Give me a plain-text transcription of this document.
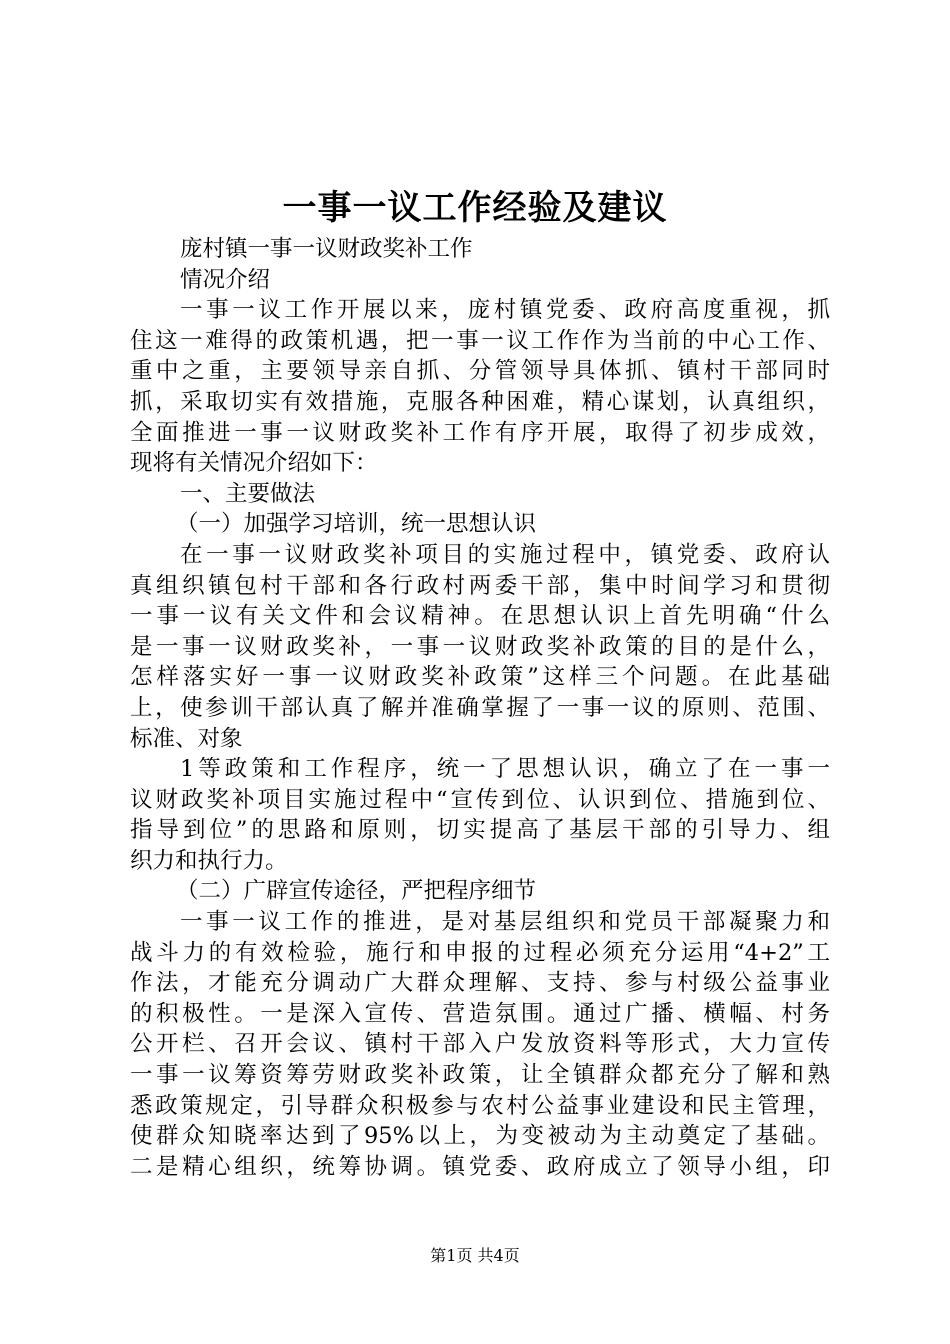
一事一议工作经验及建议
庞村镇一事一议财政奖补工作
情况介绍
一事一议工作开展以来，庞村镇党委、政府高度重视，抓
住这一难得的政策机遇，把一事一议工作作为当前的中心工作、
重中之重，主要领导亲自抓、分管领导具体抓、镇村干部同时
抓，采取切实有效措施，克服各种困难，精心谋划，认真组织，
全面推进一事一议财政奖补工作有序开展，取得了初步成效，
现将有关情况介绍如下：
一、主要做法
（一）加强学习培训，统一思想认识
在一事一议财政奖补项目的实施过程中，镇党委、政府认
真组织镇包村干部和各行政村两委干部，集中时间学习和贯彻
一事一议有关文件和会议精神。在思想认识上首先明确“什么
是一事一议财政奖补，一事一议财政奖补政策的目的是什么，
怎样落实好一事一议财政奖补政策”这样三个问题。在此基础
上，使参训干部认真了解并准确掌握了一事一议的原则、范围、
标准、对象
1等政策和工作程序，统一了思想认识，确立了在一事一
议财政奖补项目实施过程中“宣传到位、认识到位、措施到位、
指导到位”的思路和原则，切实提高了基层干部的引导力、组
织力和执行力。
（二）广辟宣传途径，严把程序细节
一事一议工作的推进，是对基层组织和党员干部凝聚力和
战斗力的有效检验，施行和申报的过程必须充分运用“4+2”工
作法，才能充分调动广大群众理解、支持、参与村级公益事业
的积极性。一是深入宣传、营造氛围。通过广播、横幅、村务
公开栏、召开会议、镇村干部入户发放资料等形式，大力宣传
一事一议筹资筹劳财政奖补政策，让全镇群众都充分了解和熟
悉政策规定，引导群众积极参与农村公益事业建设和民主管理，
使群众知晓率达到了95%以上，为变被动为主动奠定了基础。
二是精心组织，统筹协调。镇党委、政府成立了领导小组，印
第1页 共4页
